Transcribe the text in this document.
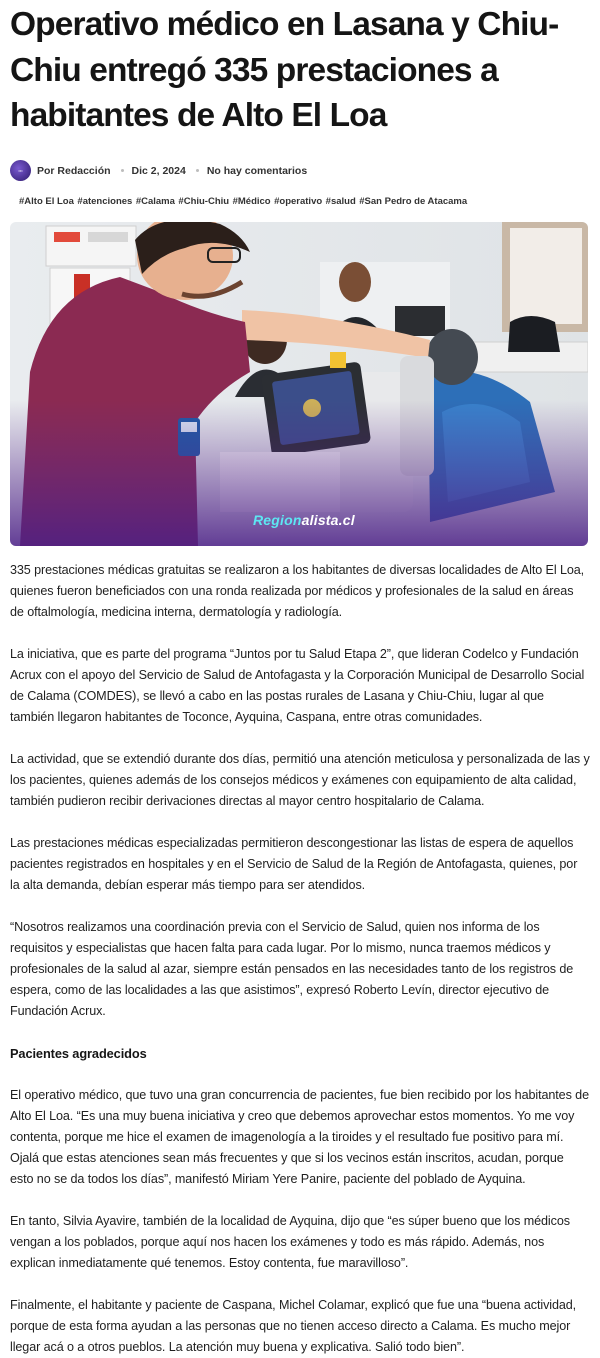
Operativo médico en Lasana y Chiu-Chiu entregó 335 prestaciones a habitantes de Alto El Loa
••• Por Redacción Dic 2, 2024 No hay comentarios
#Alto El Loa #atenciones #Calama #Chiu-Chiu #Médico #operativo #salud #San Pedro de Atacama
Regionalista.cl

335 prestaciones médicas gratuitas se realizaron a los habitantes de diversas localidades de Alto El Loa, quienes fueron beneficiados con una ronda realizada por médicos y profesionales de la salud en áreas de oftalmología, medicina interna, dermatología y radiología.

La iniciativa, que es parte del programa “Juntos por tu Salud Etapa 2”, que lideran Codelco y Fundación Acrux con el apoyo del Servicio de Salud de Antofagasta y la Corporación Municipal de Desarrollo Social de Calama (COMDES), se llevó a cabo en las postas rurales de Lasana y Chiu-Chiu, lugar al que también llegaron habitantes de Toconce, Ayquina, Caspana, entre otras comunidades.

La actividad, que se extendió durante dos días, permitió una atención meticulosa y personalizada de las y los pacientes, quienes además de los consejos médicos y exámenes con equipamiento de alta calidad, también pudieron recibir derivaciones directas al mayor centro hospitalario de Calama.

Las prestaciones médicas especializadas permitieron descongestionar las listas de espera de aquellos pacientes registrados en hospitales y en el Servicio de Salud de la Región de Antofagasta, quienes, por la alta demanda, debían esperar más tiempo para ser atendidos.

“Nosotros realizamos una coordinación previa con el Servicio de Salud, quien nos informa de los requisitos y especialistas que hacen falta para cada lugar. Por lo mismo, nunca traemos médicos y profesionales de la salud al azar, siempre están pensados en las necesidades tanto de los registros de espera, como de las localidades a las que asistimos”, expresó Roberto Levín, director ejecutivo de Fundación Acrux.

Pacientes agradecidos

El operativo médico, que tuvo una gran concurrencia de pacientes, fue bien recibido por los habitantes de Alto El Loa. “Es una muy buena iniciativa y creo que debemos aprovechar estos momentos. Yo me voy contenta, porque me hice el examen de imagenología a la tiroides y el resultado fue positivo para mí. Ojalá que estas atenciones sean más frecuentes y que si los vecinos están inscritos, acudan, porque esto no se da todos los días”, manifestó Miriam Yere Panire, paciente del poblado de Ayquina.

En tanto, Silvia Ayavire, también de la localidad de Ayquina, dijo que “es súper bueno que los médicos vengan a los poblados, porque aquí nos hacen los exámenes y todo es más rápido. Además, nos explican inmediatamente qué tenemos. Estoy contenta, fue maravilloso”.

Finalmente, el habitante y paciente de Caspana, Michel Colamar, explicó que fue una “buena actividad, porque de esta forma ayudan a las personas que no tienen acceso directo a Calama. Es mucho mejor llegar acá o a otros pueblos. La atención muy buena y explicativa. Salió todo bien”.
